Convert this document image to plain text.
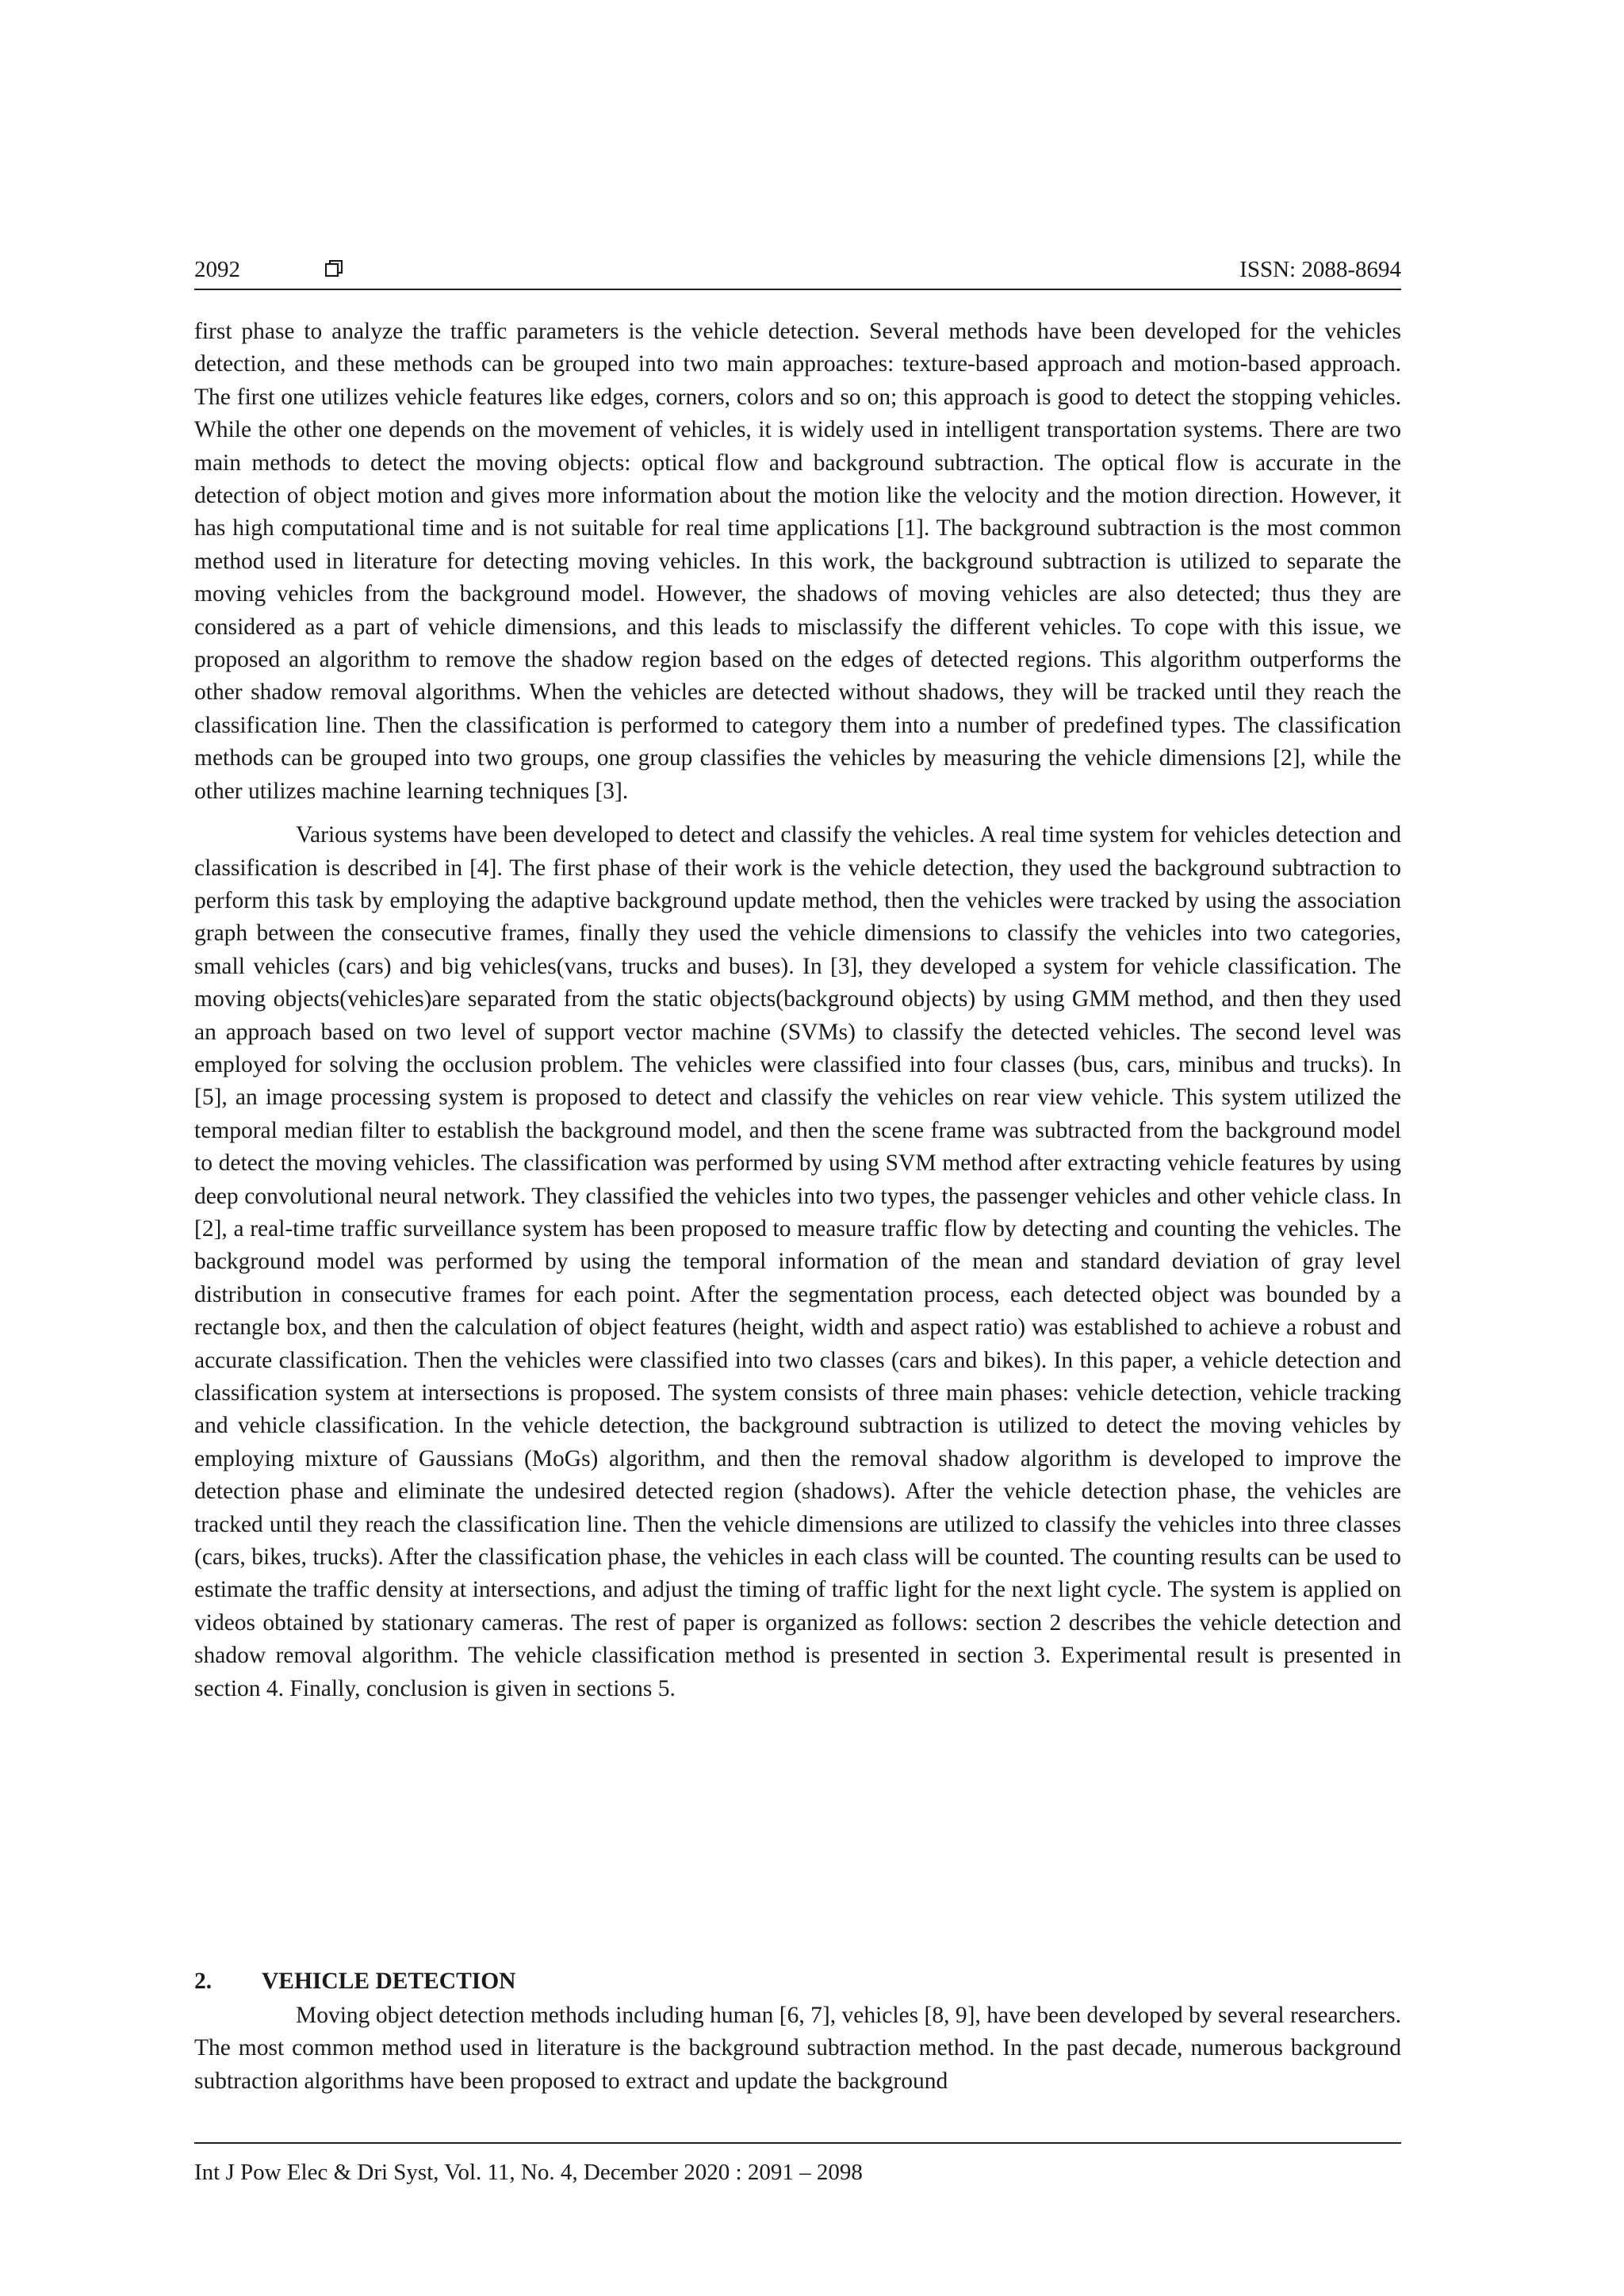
2092	ISSN: 2088-8694

first phase to analyze the traffic parameters is the vehicle detection. Several methods have been developed for the vehicles detection, and these methods can be grouped into two main approaches: texture-based approach and motion-based approach. The first one utilizes vehicle features like edges, corners, colors and so on; this approach is good to detect the stopping vehicles. While the other one depends on the movement of vehicles, it is widely used in intelligent transportation systems. There are two main methods to detect the moving objects: optical flow and background subtraction. The optical flow is accurate in the detection of object motion and gives more information about the motion like the velocity and the motion direction. However, it has high computational time and is not suitable for real time applications [1]. The background subtraction is the most common method used in literature for detecting moving vehicles. In this work, the background subtraction is utilized to separate the moving vehicles from the background model. However, the shadows of moving vehicles are also detected; thus they are considered as a part of vehicle dimensions, and this leads to misclassify the different vehicles. To cope with this issue, we proposed an algorithm to remove the shadow region based on the edges of detected regions. This algorithm outperforms the other shadow removal algorithms. When the vehicles are detected without shadows, they will be tracked until they reach the classification line. Then the classification is performed to category them into a number of predefined types. The classification methods can be grouped into two groups, one group classifies the vehicles by measuring the vehicle dimensions [2], while the other utilizes machine learning techniques [3].

Various systems have been developed to detect and classify the vehicles. A real time system for vehicles detection and classification is described in [4]. The first phase of their work is the vehicle detection, they used the background subtraction to perform this task by employing the adaptive background update method, then the vehicles were tracked by using the association graph between the consecutive frames, finally they used the vehicle dimensions to classify the vehicles into two categories, small vehicles (cars) and big vehicles(vans, trucks and buses). In [3], they developed a system for vehicle classification. The moving objects(vehicles)are separated from the static objects(background objects) by using GMM method, and then they used an approach based on two level of support vector machine (SVMs) to classify the detected vehicles. The second level was employed for solving the occlusion problem. The vehicles were classified into four classes (bus, cars, minibus and trucks). In [5], an image processing system is proposed to detect and classify the vehicles on rear view vehicle. This system utilized the temporal median filter to establish the background model, and then the scene frame was subtracted from the background model to detect the moving vehicles. The classification was performed by using SVM method after extracting vehicle features by using deep convolutional neural network. They classified the vehicles into two types, the passenger vehicles and other vehicle class. In [2], a real-time traffic surveillance system has been proposed to measure traffic flow by detecting and counting the vehicles. The background model was performed by using the temporal information of the mean and standard deviation of gray level distribution in consecutive frames for each point. After the segmentation process, each detected object was bounded by a rectangle box, and then the calculation of object features (height, width and aspect ratio) was established to achieve a robust and accurate classification. Then the vehicles were classified into two classes (cars and bikes). In this paper, a vehicle detection and classification system at intersections is proposed. The system consists of three main phases: vehicle detection, vehicle tracking and vehicle classification. In the vehicle detection, the background subtraction is utilized to detect the moving vehicles by employing mixture of Gaussians (MoGs) algorithm, and then the removal shadow algorithm is developed to improve the detection phase and eliminate the undesired detected region (shadows). After the vehicle detection phase, the vehicles are tracked until they reach the classification line. Then the vehicle dimensions are utilized to classify the vehicles into three classes (cars, bikes, trucks). After the classification phase, the vehicles in each class will be counted. The counting results can be used to estimate the traffic density at intersections, and adjust the timing of traffic light for the next light cycle. The system is applied on videos obtained by stationary cameras. The rest of paper is organized as follows: section 2 describes the vehicle detection and shadow removal algorithm. The vehicle classification method is presented in section 3. Experimental result is presented in section 4. Finally, conclusion is given in sections 5.

2. VEHICLE DETECTION

Moving object detection methods including human [6, 7], vehicles [8, 9], have been developed by several researchers. The most common method used in literature is the background subtraction method. In the past decade, numerous background subtraction algorithms have been proposed to extract and update the background

Int J Pow Elec & Dri Syst, Vol. 11, No. 4, December 2020 : 2091 – 2098
